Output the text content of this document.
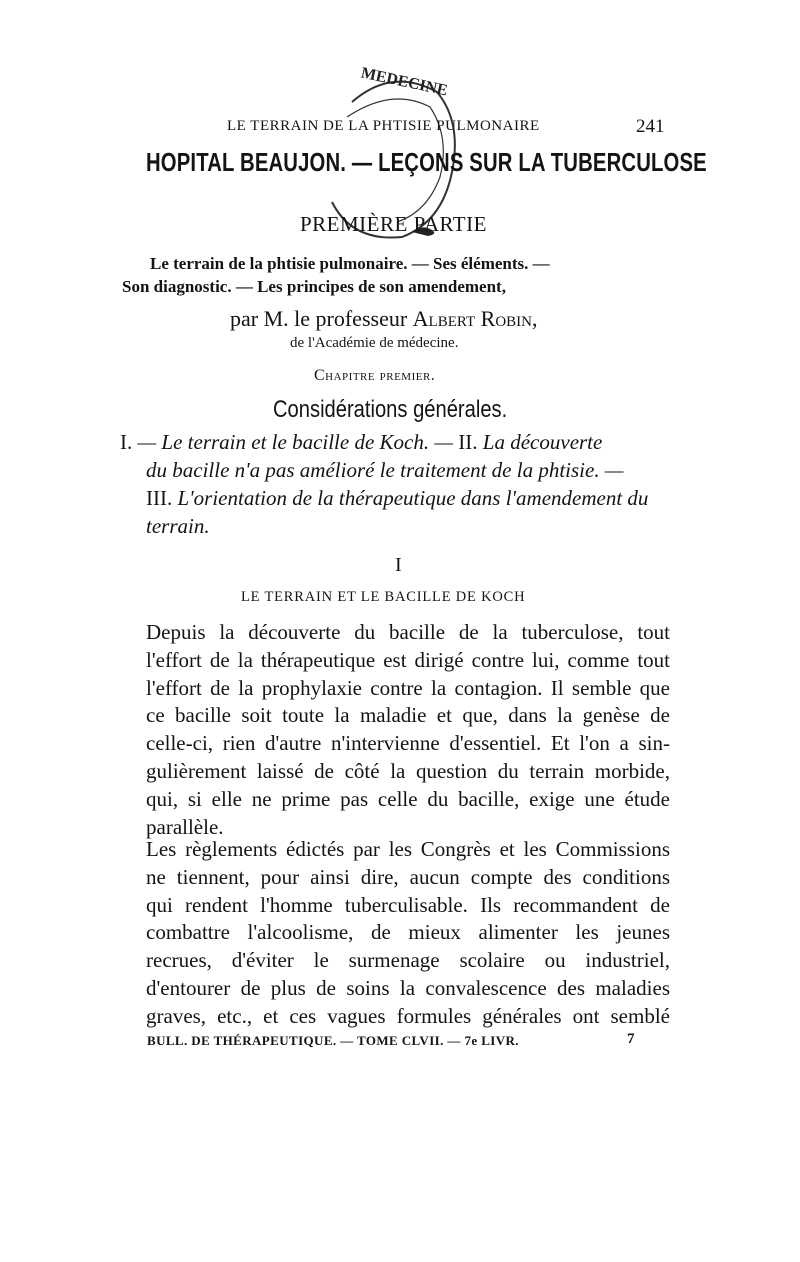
MEDECINE
LE TERRAIN DE LA PHTISIE PULMONAIRE	241
HOPITAL BEAUJON. — LEÇONS SUR LA TUBERCULOSE
PREMIÈRE PARTIE
Le terrain de la phtisie pulmonaire. — Ses éléments. —
Son diagnostic. — Les principes de son amendement,
par M. le professeur Albert Robin,
de l'Académie de médecine.
Chapitre premier.
Considérations générales.
I. — Le terrain et le bacille de Koch. — II. La découverte
du bacille n'a pas amélioré le traitement de la phtisie. —
III. L'orientation de la thérapeutique dans l'amendement du
terrain.
I
LE TERRAIN ET LE BACILLE DE KOCH
Depuis la découverte du bacille de la tuberculose, tout
l'effort de la thérapeutique est dirigé contre lui, comme tout
l'effort de la prophylaxie contre la contagion. Il semble que
ce bacille soit toute la maladie et que, dans la genèse de
celle-ci, rien d'autre n'intervienne d'essentiel. Et l'on a sin-
gulièrement laissé de côté la question du terrain morbide,
qui, si elle ne prime pas celle du bacille, exige une étude
parallèle.
Les règlements édictés par les Congrès et les Commissions
ne tiennent, pour ainsi dire, aucun compte des conditions
qui rendent l'homme tuberculisable. Ils recommandent de
combattre l'alcoolisme, de mieux alimenter les jeunes
recrues, d'éviter le surmenage scolaire ou industriel,
d'entourer de plus de soins la convalescence des maladies
graves, etc., et ces vagues formules générales ont semblé
BULL. DE THÉRAPEUTIQUE. — TOME CLVII. — 7e LIVR.	7
